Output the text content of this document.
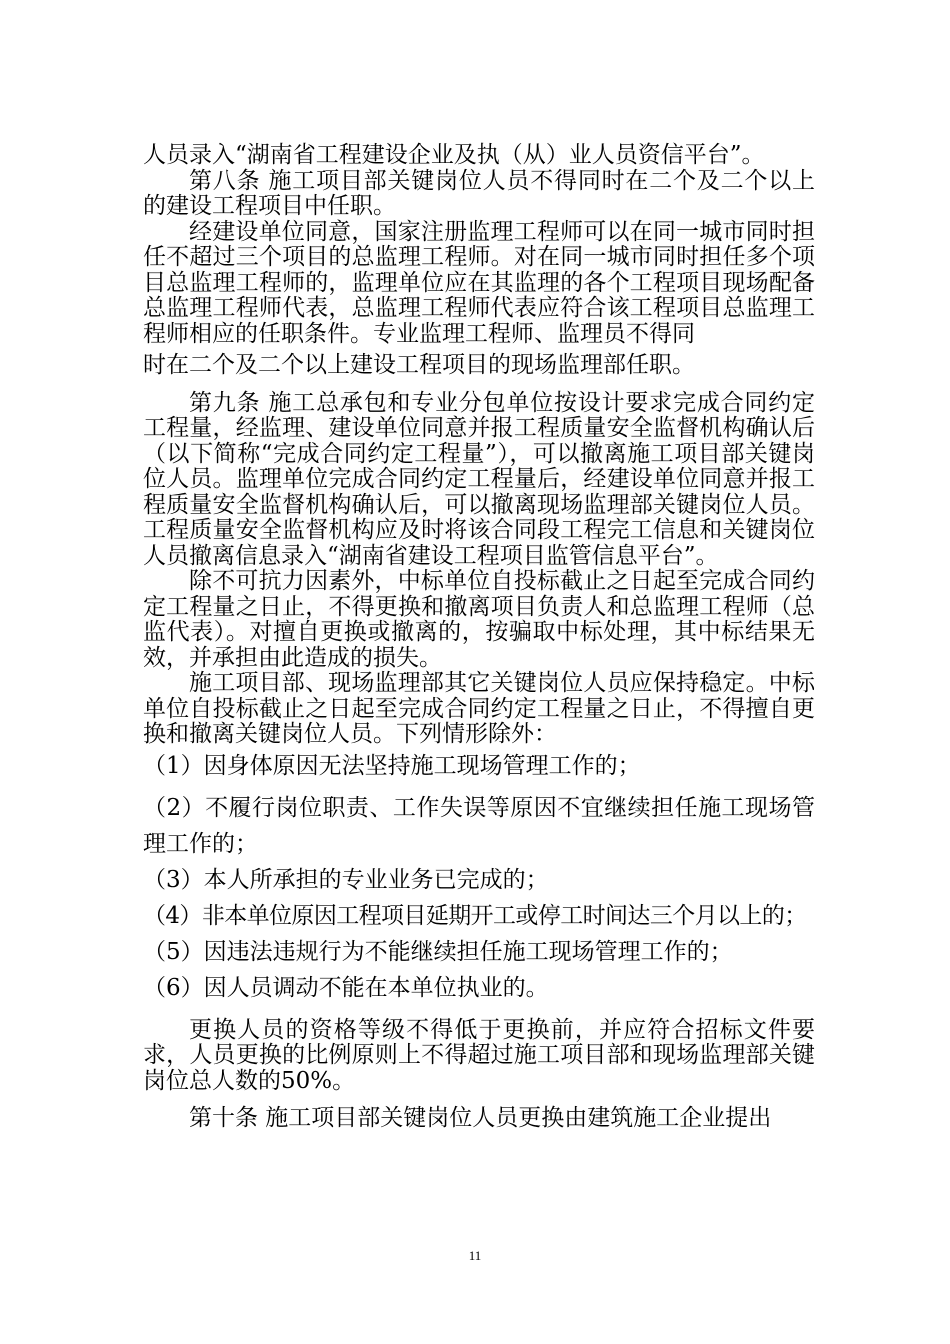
人员录入“湖南省工程建设企业及执（从）业人员资信平台”。

第八条 施工项目部关键岗位人员不得同时在二个及二个以上的建设工程项目中任职。

经建设单位同意，国家注册监理工程师可以在同一城市同时担任不超过三个项目的总监理工程师。对在同一城市同时担任多个项目总监理工程师的，监理单位应在其监理的各个工程项目现场配备总监理工程师代表，总监理工程师代表应符合该工程项目总监理工程师相应的任职条件。专业监理工程师、监理员不得同

时在二个及二个以上建设工程项目的现场监理部任职。

第九条 施工总承包和专业分包单位按设计要求完成合同约定工程量，经监理、建设单位同意并报工程质量安全监督机构确认后（以下简称“完成合同约定工程量”），可以撤离施工项目部关键岗位人员。监理单位完成合同约定工程量后，经建设单位同意并报工程质量安全监督机构确认后，可以撤离现场监理部关键岗位人员。工程质量安全监督机构应及时将该合同段工程完工信息和关键岗位人员撤离信息录入“湖南省建设工程项目监管信息平台”。

除不可抗力因素外，中标单位自投标截止之日起至完成合同约定工程量之日止，不得更换和撤离项目负责人和总监理工程师（总监代表）。对擅自更换或撤离的，按骗取中标处理，其中标结果无效，并承担由此造成的损失。

施工项目部、现场监理部其它关键岗位人员应保持稳定。中标单位自投标截止之日起至完成合同约定工程量之日止，不得擅自更换和撤离关键岗位人员。下列情形除外：

（1）因身体原因无法坚持施工现场管理工作的；

（2）不履行岗位职责、工作失误等原因不宜继续担任施工现场管理工作的；

（3）本人所承担的专业业务已完成的；

（4）非本单位原因工程项目延期开工或停工时间达三个月以上的；

（5）因违法违规行为不能继续担任施工现场管理工作的；

（6）因人员调动不能在本单位执业的。

更换人员的资格等级不得低于更换前，并应符合招标文件要求，人员更换的比例原则上不得超过施工项目部和现场监理部关键岗位总人数的50%。

第十条 施工项目部关键岗位人员更换由建筑施工企业提出

11
